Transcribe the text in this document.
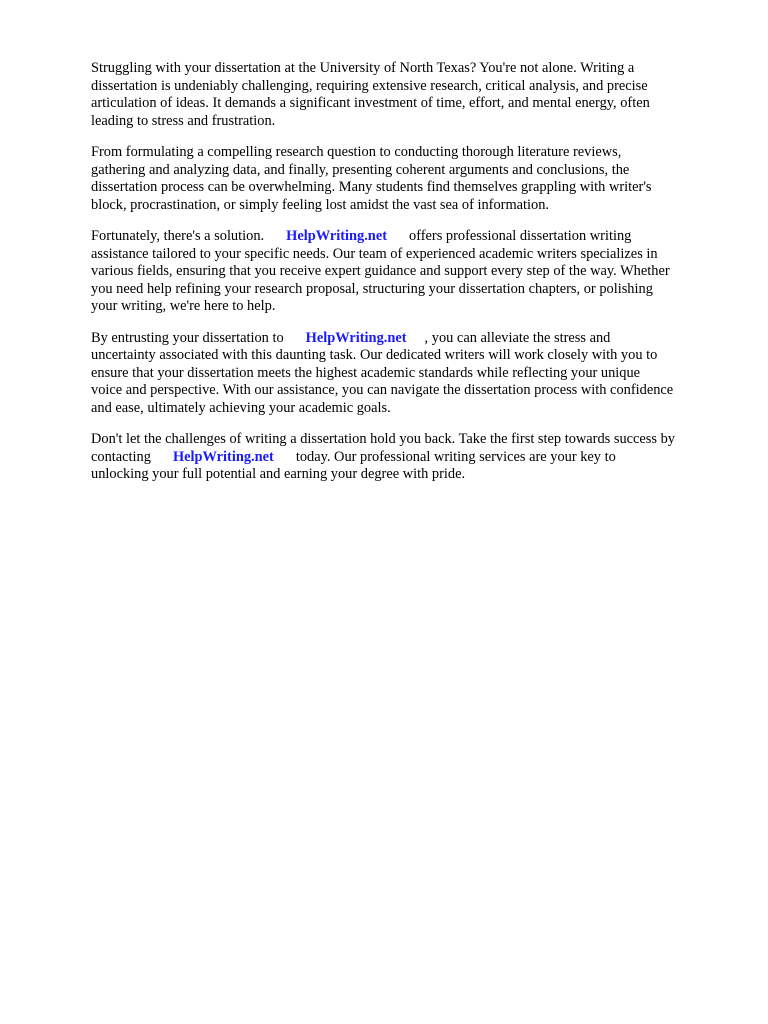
Struggling with your dissertation at the University of North Texas? You're not alone. Writing a
dissertation is undeniably challenging, requiring extensive research, critical analysis, and precise
articulation of ideas. It demands a significant investment of time, effort, and mental energy, often
leading to stress and frustration.

From formulating a compelling research question to conducting thorough literature reviews,
gathering and analyzing data, and finally, presenting coherent arguments and conclusions, the
dissertation process can be overwhelming. Many students find themselves grappling with writer's
block, procrastination, or simply feeling lost amidst the vast sea of information.

Fortunately, there's a solution. HelpWriting.net offers professional dissertation writing
assistance tailored to your specific needs. Our team of experienced academic writers specializes in
various fields, ensuring that you receive expert guidance and support every step of the way. Whether
you need help refining your research proposal, structuring your dissertation chapters, or polishing
your writing, we're here to help.

By entrusting your dissertation to HelpWriting.net , you can alleviate the stress and
uncertainty associated with this daunting task. Our dedicated writers will work closely with you to
ensure that your dissertation meets the highest academic standards while reflecting your unique
voice and perspective. With our assistance, you can navigate the dissertation process with confidence
and ease, ultimately achieving your academic goals.

Don't let the challenges of writing a dissertation hold you back. Take the first step towards success by
contacting HelpWriting.net today. Our professional writing services are your key to
unlocking your full potential and earning your degree with pride.
